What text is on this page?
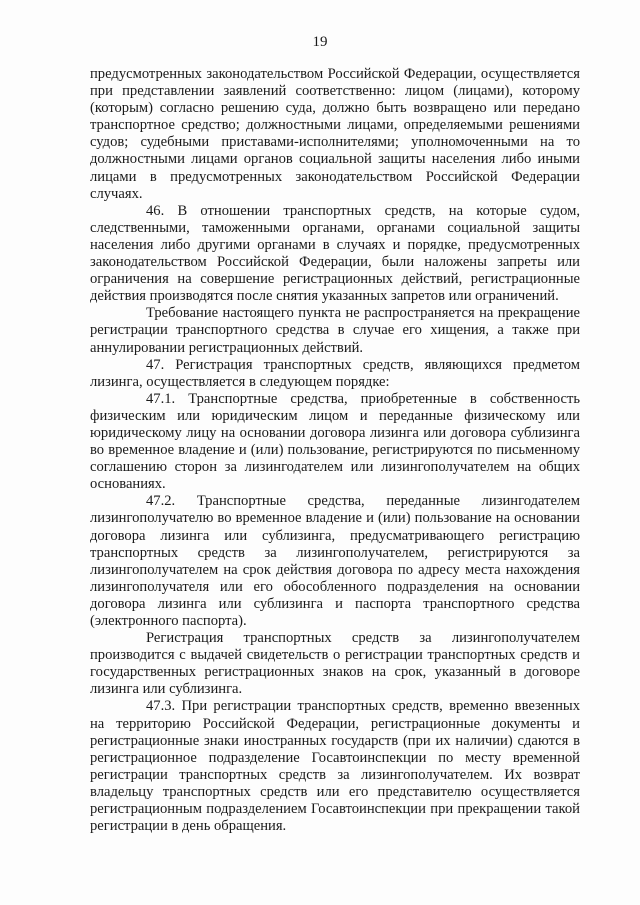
19

предусмотренных законодательством Российской Федерации, осуществляется при представлении заявлений соответственно: лицом (лицами), которому (которым) согласно решению суда, должно быть возвращено или передано транспортное средство; должностными лицами, определяемыми решениями судов; судебными приставами-исполнителями; уполномоченными на то должностными лицами органов социальной защиты населения либо иными лицами в предусмотренных законодательством Российской Федерации случаях.

46. В отношении транспортных средств, на которые судом, следственными, таможенными органами, органами социальной защиты населения либо другими органами в случаях и порядке, предусмотренных законодательством Российской Федерации, были наложены запреты или ограничения на совершение регистрационных действий, регистрационные действия производятся после снятия указанных запретов или ограничений.

Требование настоящего пункта не распространяется на прекращение регистрации транспортного средства в случае его хищения, а также при аннулировании регистрационных действий.

47. Регистрация транспортных средств, являющихся предметом лизинга, осуществляется в следующем порядке:

47.1. Транспортные средства, приобретенные в собственность физическим или юридическим лицом и переданные физическому или юридическому лицу на основании договора лизинга или договора сублизинга во временное владение и (или) пользование, регистрируются по письменному соглашению сторон за лизингодателем или лизингополучателем на общих основаниях.

47.2. Транспортные средства, переданные лизингодателем лизингополучателю во временное владение и (или) пользование на основании договора лизинга или сублизинга, предусматривающего регистрацию транспортных средств за лизингополучателем, регистрируются за лизингополучателем на срок действия договора по адресу места нахождения лизингополучателя или его обособленного подразделения на основании договора лизинга или сублизинга и паспорта транспортного средства (электронного паспорта).

Регистрация транспортных средств за лизингополучателем производится с выдачей свидетельств о регистрации транспортных средств и государственных регистрационных знаков на срок, указанный в договоре лизинга или сублизинга.

47.3. При регистрации транспортных средств, временно ввезенных на территорию Российской Федерации, регистрационные документы и регистрационные знаки иностранных государств (при их наличии) сдаются в регистрационное подразделение Госавтоинспекции по месту временной регистрации транспортных средств за лизингополучателем. Их возврат владельцу транспортных средств или его представителю осуществляется регистрационным подразделением Госавтоинспекции при прекращении такой регистрации в день обращения.
